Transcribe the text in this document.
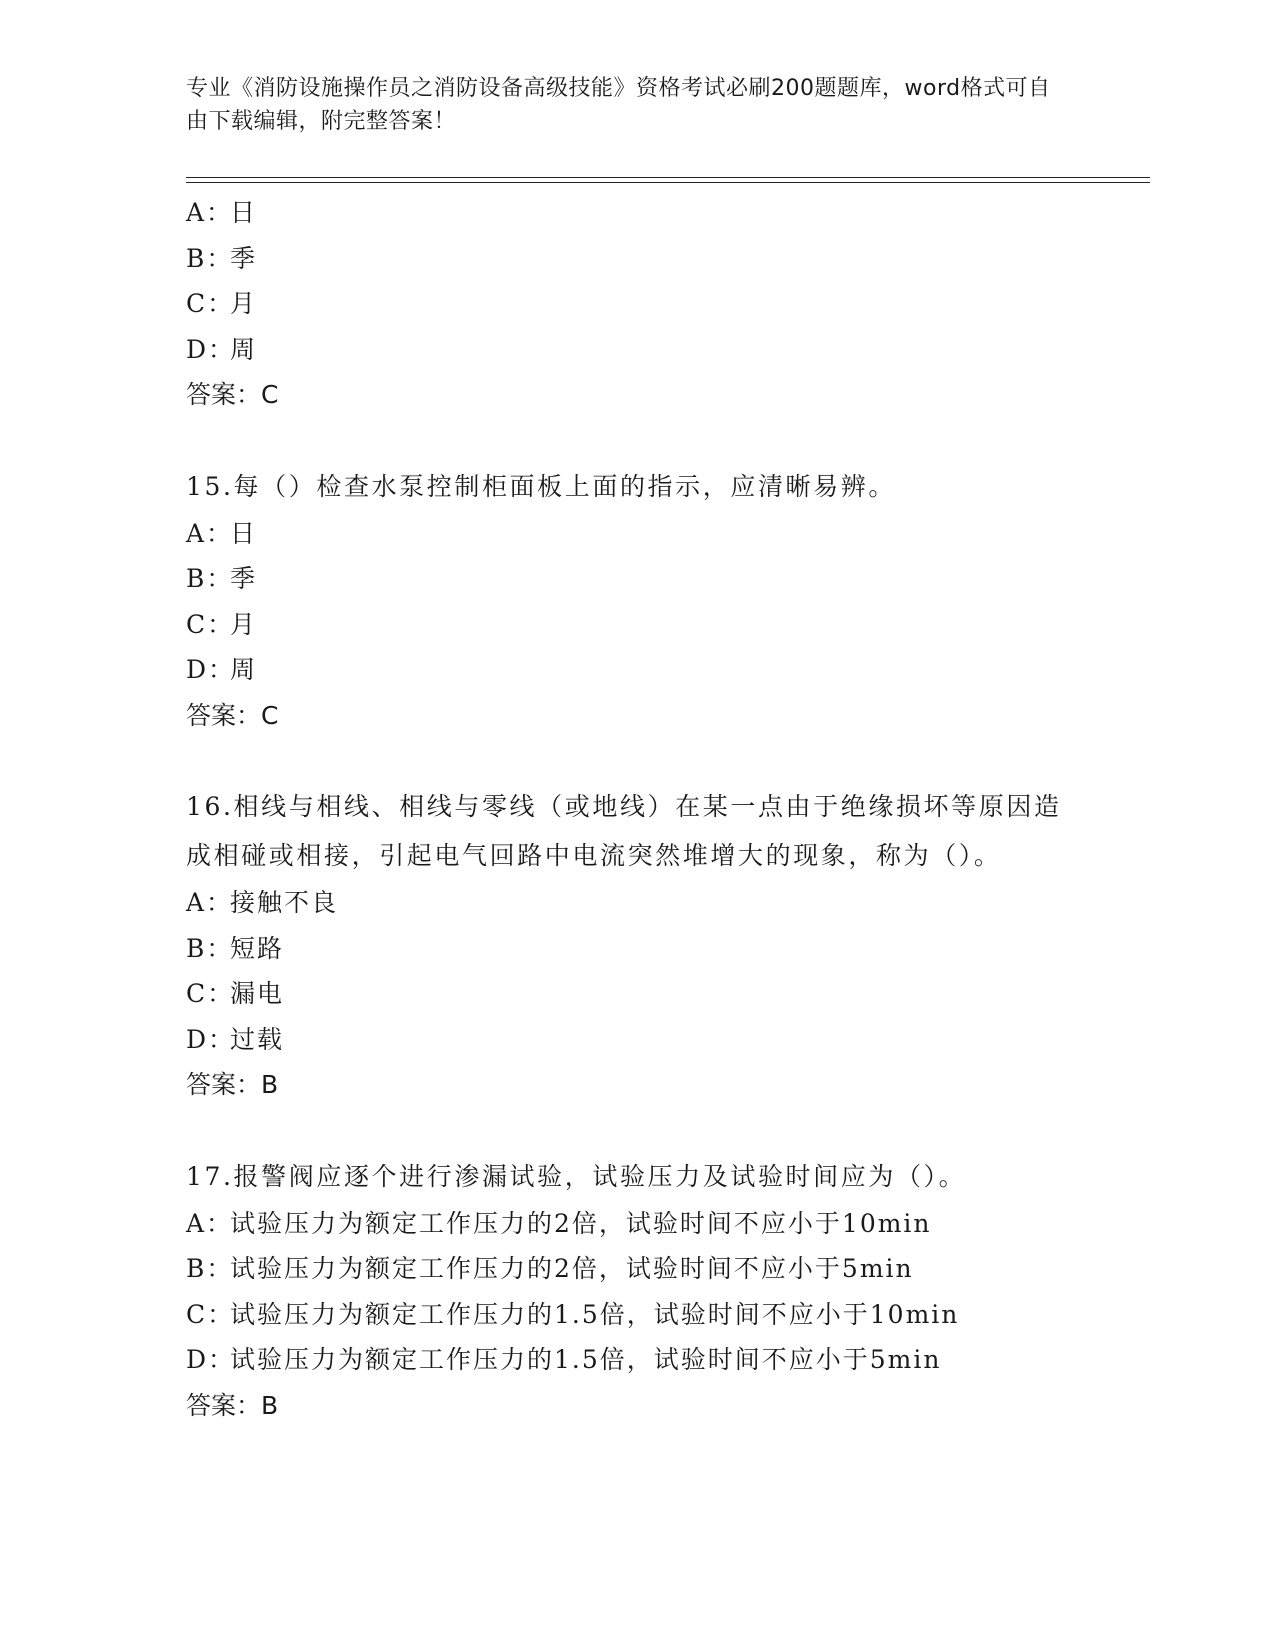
专业《消防设施操作员之消防设备高级技能》资格考试必刷200题题库，word格式可自由下载编辑，附完整答案！
A：日
B：季
C：月
D：周
答案：C
15.每（）检查水泵控制柜面板上面的指示，应清晰易辨。
A：日
B：季
C：月
D：周
答案：C
16.相线与相线、相线与零线（或地线）在某一点由于绝缘损坏等原因造成相碰或相接，引起电气回路中电流突然堆增大的现象，称为（）。
A：接触不良
B：短路
C：漏电
D：过载
答案：B
17.报警阀应逐个进行渗漏试验，试验压力及试验时间应为（）。
A：试验压力为额定工作压力的2倍，试验时间不应小于10min
B：试验压力为额定工作压力的2倍，试验时间不应小于5min
C：试验压力为额定工作压力的1.5倍，试验时间不应小于10min
D：试验压力为额定工作压力的1.5倍，试验时间不应小于5min
答案：B
